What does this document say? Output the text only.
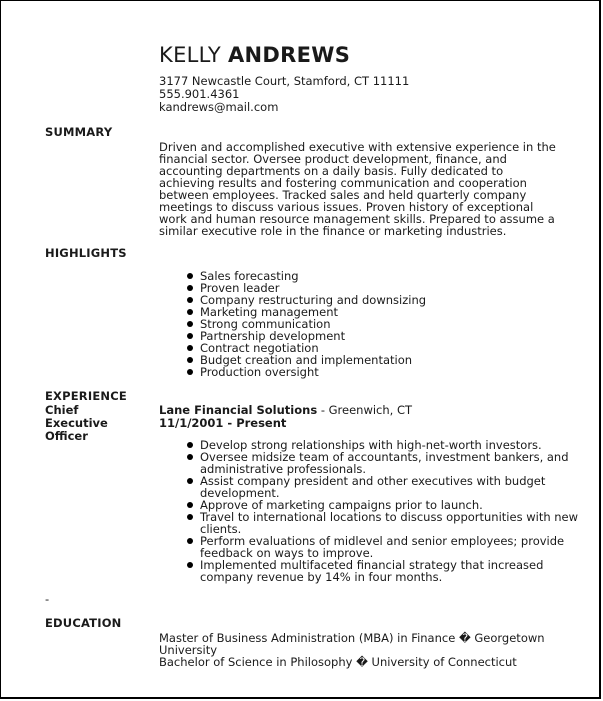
KELLY ANDREWS
3177 Newcastle Court, Stamford, CT 11111
555.901.4361
kandrews@mail.com
SUMMARY
Driven and accomplished executive with extensive experience in the financial sector. Oversee product development, finance, and accounting departments on a daily basis. Fully dedicated to achieving results and fostering communication and cooperation between employees. Tracked sales and held quarterly company meetings to discuss various issues. Proven history of exceptional work and human resource management skills. Prepared to assume a similar executive role in the finance or marketing industries.
HIGHLIGHTS
Sales forecasting
Proven leader
Company restructuring and downsizing
Marketing management
Strong communication
Partnership development
Contract negotiation
Budget creation and implementation
Production oversight
EXPERIENCE
Chief Executive Officer
Lane Financial Solutions - Greenwich, CT
11/1/2001 - Present
Develop strong relationships with high-net-worth investors.
Oversee midsize team of accountants, investment bankers, and administrative professionals.
Assist company president and other executives with budget development.
Approve of marketing campaigns prior to launch.
Travel to international locations to discuss opportunities with new clients.
Perform evaluations of midlevel and senior employees; provide feedback on ways to improve.
Implemented multifaceted financial strategy that increased company revenue by 14% in four months.
-
EDUCATION
Master of Business Administration (MBA) in Finance � Georgetown University
Bachelor of Science in Philosophy � University of Connecticut
